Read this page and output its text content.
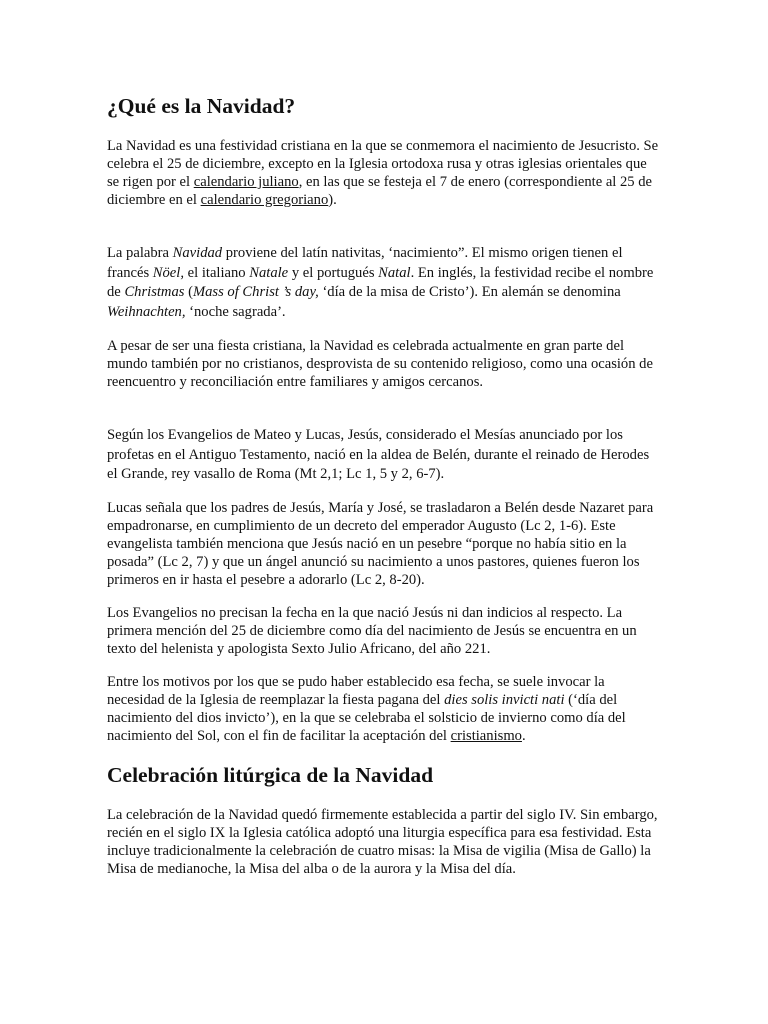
¿Qué es la Navidad?

La Navidad es una festividad cristiana en la que se conmemora el nacimiento de Jesucristo. Se celebra el 25 de diciembre, excepto en la Iglesia ortodoxa rusa y otras iglesias orientales que se rigen por el calendario juliano, en las que se festeja el 7 de enero (correspondiente al 25 de diciembre en el calendario gregoriano).

La palabra Navidad proviene del latín nativitas, ‘nacimiento”. El mismo origen tienen el francés Nöel, el italiano Natale y el portugués Natal. En inglés, la festividad recibe el nombre de Christmas (Mass of Christ ’s day, ‘día de la misa de Cristo’). En alemán se denomina Weihnachten, ‘noche sagrada’.

A pesar de ser una fiesta cristiana, la Navidad es celebrada actualmente en gran parte del mundo también por no cristianos, desprovista de su contenido religioso, como una ocasión de reencuentro y reconciliación entre familiares y amigos cercanos.

Según los Evangelios de Mateo y Lucas, Jesús, considerado el Mesías anunciado por los profetas en el Antiguo Testamento, nació en la aldea de Belén, durante el reinado de Herodes el Grande, rey vasallo de Roma (Mt 2,1; Lc 1, 5 y 2, 6-7).

Lucas señala que los padres de Jesús, María y José, se trasladaron a Belén desde Nazaret para empadronarse, en cumplimiento de un decreto del emperador Augusto (Lc 2, 1-6). Este evangelista también menciona que Jesús nació en un pesebre “porque no había sitio en la posada” (Lc 2, 7) y que un ángel anunció su nacimiento a unos pastores, quienes fueron los primeros en ir hasta el pesebre a adorarlo (Lc 2, 8-20).

Los Evangelios no precisan la fecha en la que nació Jesús ni dan indicios al respecto. La primera mención del 25 de diciembre como día del nacimiento de Jesús se encuentra en un texto del helenista y apologista Sexto Julio Africano, del año 221.

Entre los motivos por los que se pudo haber establecido esa fecha, se suele invocar la necesidad de la Iglesia de reemplazar la fiesta pagana del dies solis invicti nati (‘día del nacimiento del dios invicto’), en la que se celebraba el solsticio de invierno como día del nacimiento del Sol, con el fin de facilitar la aceptación del cristianismo.

Celebración litúrgica de la Navidad

La celebración de la Navidad quedó firmemente establecida a partir del siglo IV. Sin embargo, recién en el siglo IX la Iglesia católica adoptó una liturgia específica para esa festividad. Esta incluye tradicionalmente la celebración de cuatro misas: la Misa de vigilia (Misa de Gallo) la Misa de medianoche, la Misa del alba o de la aurora y la Misa del día.
